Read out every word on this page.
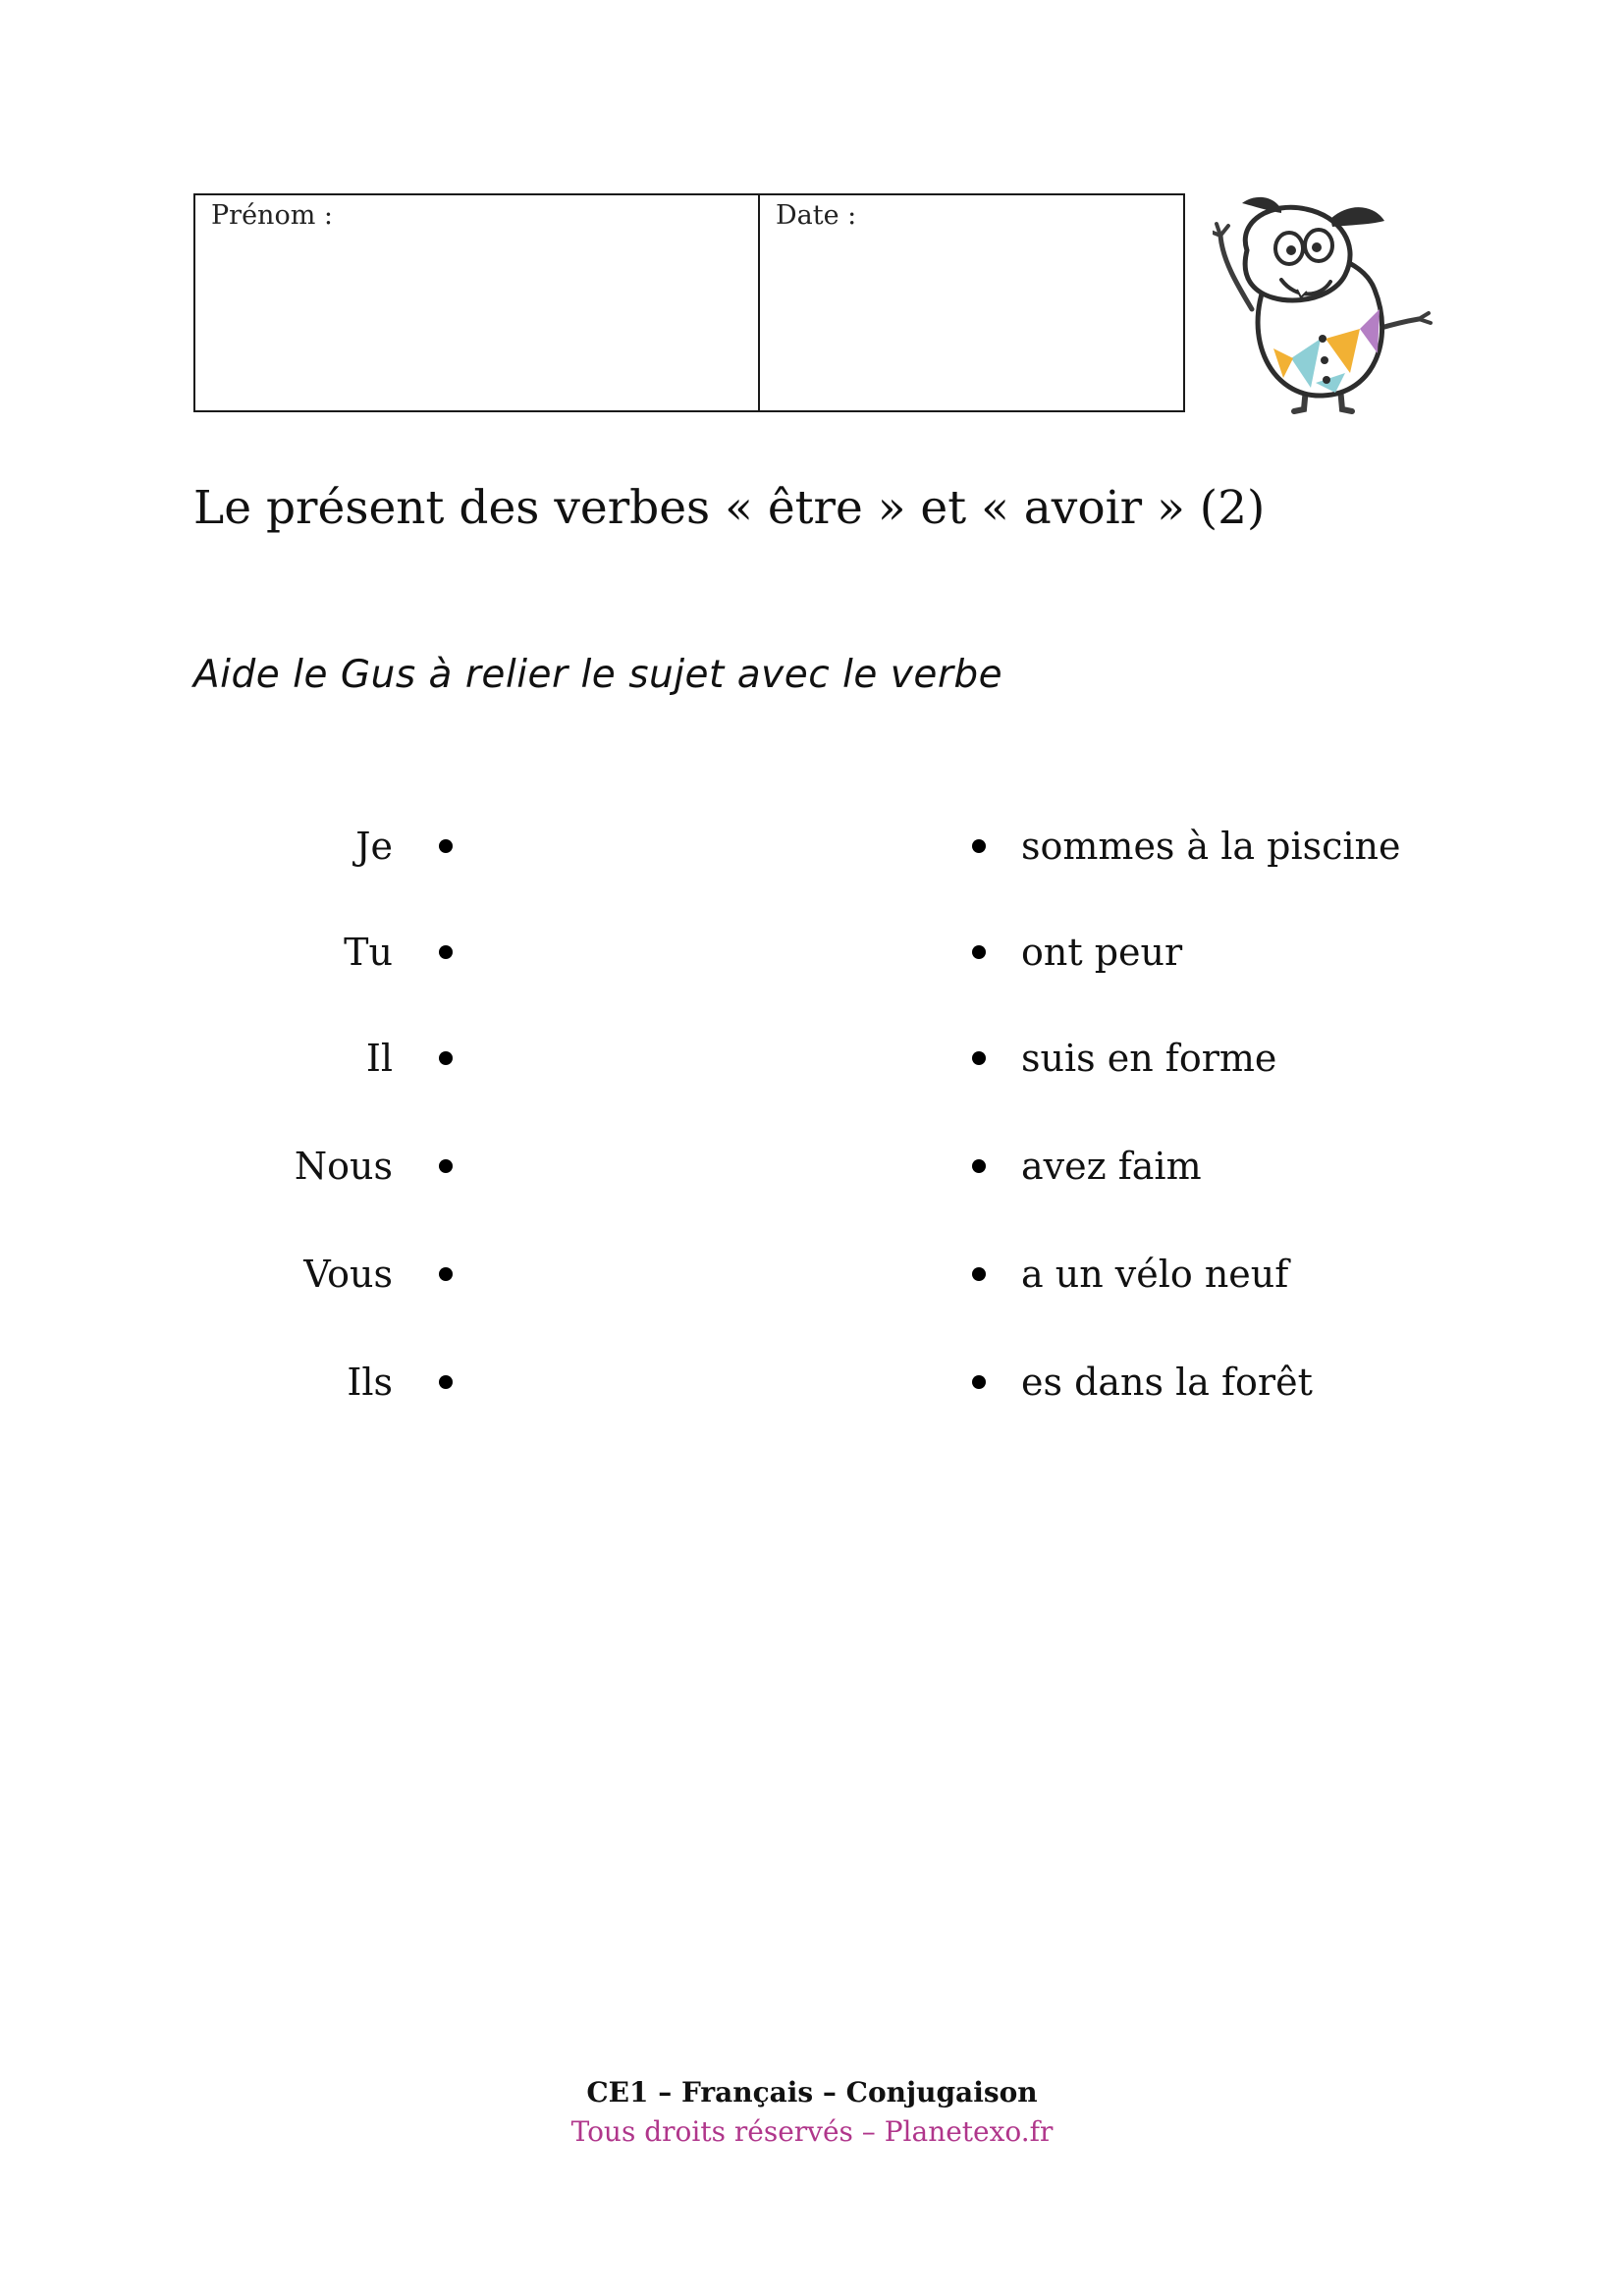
Prénom :	Date :
Le présent des verbes « être » et « avoir » (2)
Aide le Gus à relier le sujet avec le verbe
Je	sommes à la piscine
Tu	ont peur
Il	suis en forme
Nous	avez faim
Vous	a un vélo neuf
Ils	es dans la forêt
CE1 – Français – Conjugaison
Tous droits réservés – Planetexo.fr
